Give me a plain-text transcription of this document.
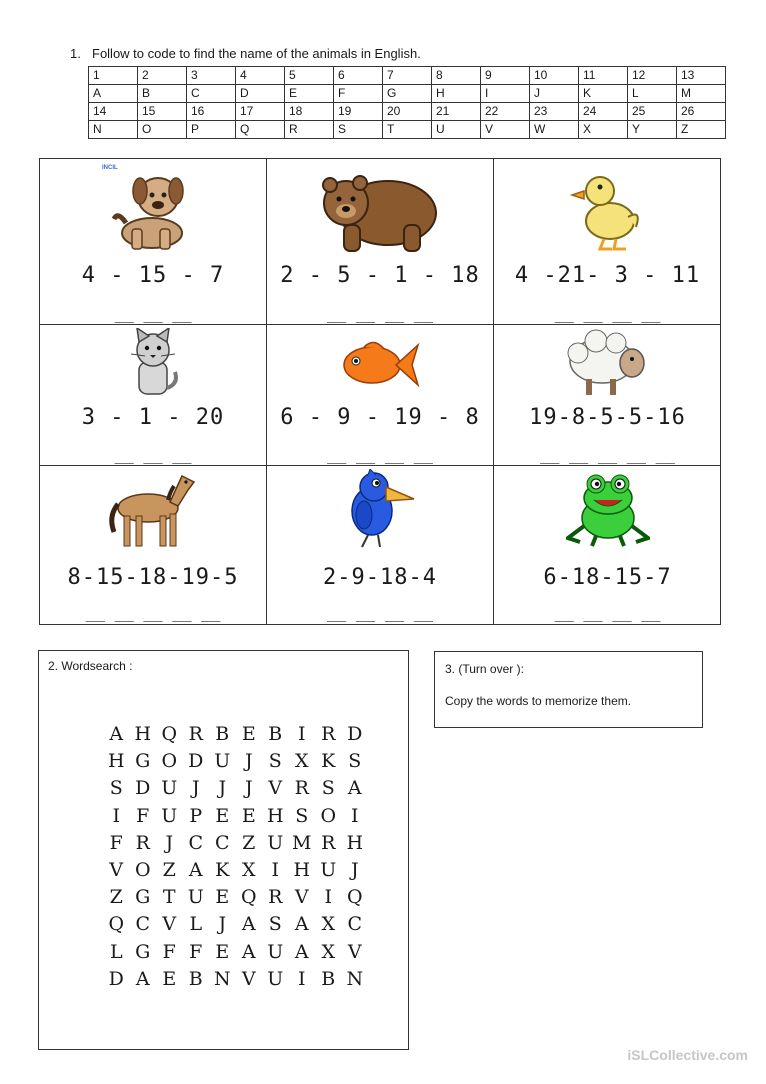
1. Follow to code to find the name of the animals in English.
1	2	3	4	5	6	7	8	9	10	11	12	13
A	B	C	D	E	F	G	H	I	J	K	L	M
14	15	16	17	18	19	20	21	22	23	24	25	26
N	O	P	Q	R	S	T	U	V	W	X	Y	Z
INCIL
4 - 15 - 7
__ __ __
2 - 5 - 1 - 18
__ __ __ __
4 -21- 3 - 11
__ __ __ __
3 - 1 - 20
__ __ __
6 - 9 - 19 - 8
__ __ __ __
19-8-5-5-16
__ __ __ __ __
8-15-18-19-5
__ __ __ __ __
2-9-18-4
__ __ __ __
6-18-15-7
__ __ __ __
2. Wordsearch :
A H Q R B E B I R D
H G O D U J S X K S
S D U J J J V R S A
I F U P E E H S O I
F R J C C Z U M R H
V O Z A K X I H U J
Z G T U E Q R V I Q
Q C V L J A S A X C
L G F F E A U A X V
D A E B N V U I B N
3. (Turn over ):
Copy the words to memorize them.
iSLCollective.com
